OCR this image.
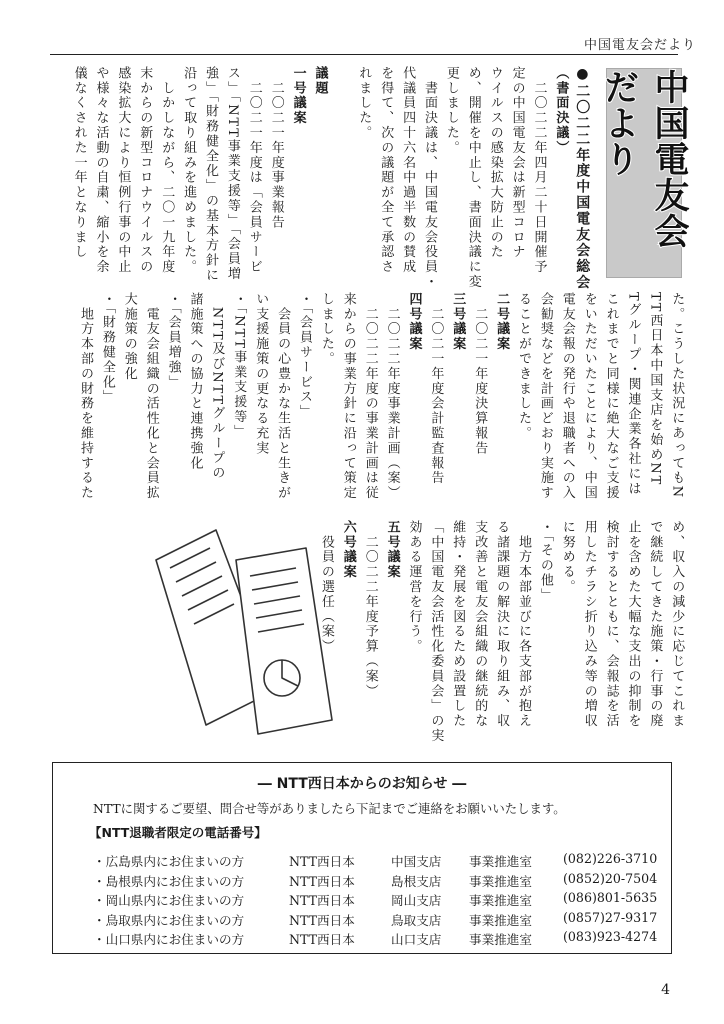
中国電友会だより
中国電友会だより
●二〇二二年度中国電友会総会
（書面決議）
　二〇二二年四月二十日開催予
定の中国電友会は新型コロナ
ウイルスの感染拡大防止のた
め、開催を中止し、書面決議に変
更しました。
　書面決議は、中国電友会役員・
代議員四十六名中過半数の賛成
を得て、次の議題が全て承認さ
れました。
議題
一号議案
　二〇二一年度事業報告
　二〇二一年度は「会員サービ
ス」「NTT事業支援等」「会員増
強」「財務健全化」の基本方針に
沿って取り組みを進めました。
　しかしながら、二〇一九年度
末からの新型コロナウイルスの
感染拡大により恒例行事の中止
や様々な活動の自粛、縮小を余
儀なくされた一年となりまし
た。こうした状況にあってもN
TT西日本中国支店を始めNT
Tグループ・関連企業各社には
これまでと同様に絶大なご支援
をいただいたことにより、中国
電友会報の発行や退職者への入
会勧奨などを計画どおり実施す
ることができました。
二号議案
　二〇二一年度決算報告
三号議案
　二〇二一年度会計監査報告
四号議案
　二〇二二年度事業計画（案）
　二〇二二年度の事業計画は従
来からの事業方針に沿って策定
しました。
・「会員サービス」
　会員の心豊かな生活と生きが
い支援施策の更なる充実
・「NTT事業支援等」
　NTT及びNTTグループの
諸施策への協力と連携強化
・「会員増強」
　電友会組織の活性化と会員拡
大施策の強化
・「財務健全化」
　地方本部の財務を維持するた
め、収入の減少に応じてこれま
で継続してきた施策・行事の廃
止を含めた大幅な支出の抑制を
検討するとともに、会報誌を活
用したチラシ折り込み等の増収
に努める。
・「その他」
　地方本部並びに各支部が抱え
る諸課題の解決に取り組み、収
支改善と電友会組織の継続的な
維持・発展を図るため設置した
「中国電友会活性化委員会」の実
効ある運営を行う。
五号議案
　二〇二二年度予算（案）
六号議案
　役員の選任（案）
― NTT西日本からのお知らせ ―
NTTに関するご要望、問合せ等がありましたら下記までご連絡をお願いいたします。
【NTT退職者限定の電話番号】
・広島県内にお住まいの方	NTT西日本	中国支店 事業推進室 (082)226-3710
・島根県内にお住まいの方	NTT西日本	島根支店 事業推進室 (0852)20-7504
・岡山県内にお住まいの方	NTT西日本	岡山支店 事業推進室 (086)801-5635
・鳥取県内にお住まいの方	NTT西日本	鳥取支店 事業推進室 (0857)27-9317
・山口県内にお住まいの方	NTT西日本	山口支店 事業推進室 (083)923-4274
4
